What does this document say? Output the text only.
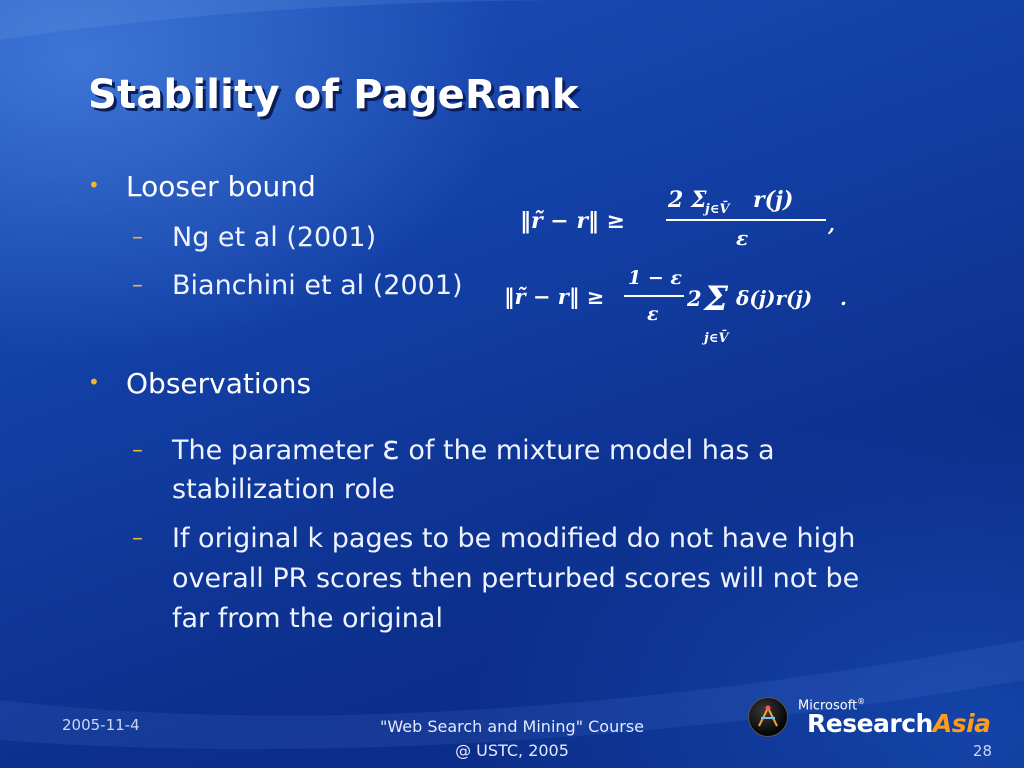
Stability of PageRank
• Looser bound
– Ng et al (2001)
– Bianchini et al (2001)
‖r̃ − r‖ ≥
2 Σ
j∈V̄ r(j)
ε
,
‖r̃ − r‖ ≥
1 − ε
ε
2 Σ
j∈V̄
δ(j)r(j) .
• Observations
– The parameter ε of the mixture model has a
stabilization role
– If original k pages to be modified do not have high
overall PR scores then perturbed scores will not be
far from the original
2005-11-4	"Web Search and Mining" Course
@ USTC, 2005
Microsoft®
ResearchAsia
28
